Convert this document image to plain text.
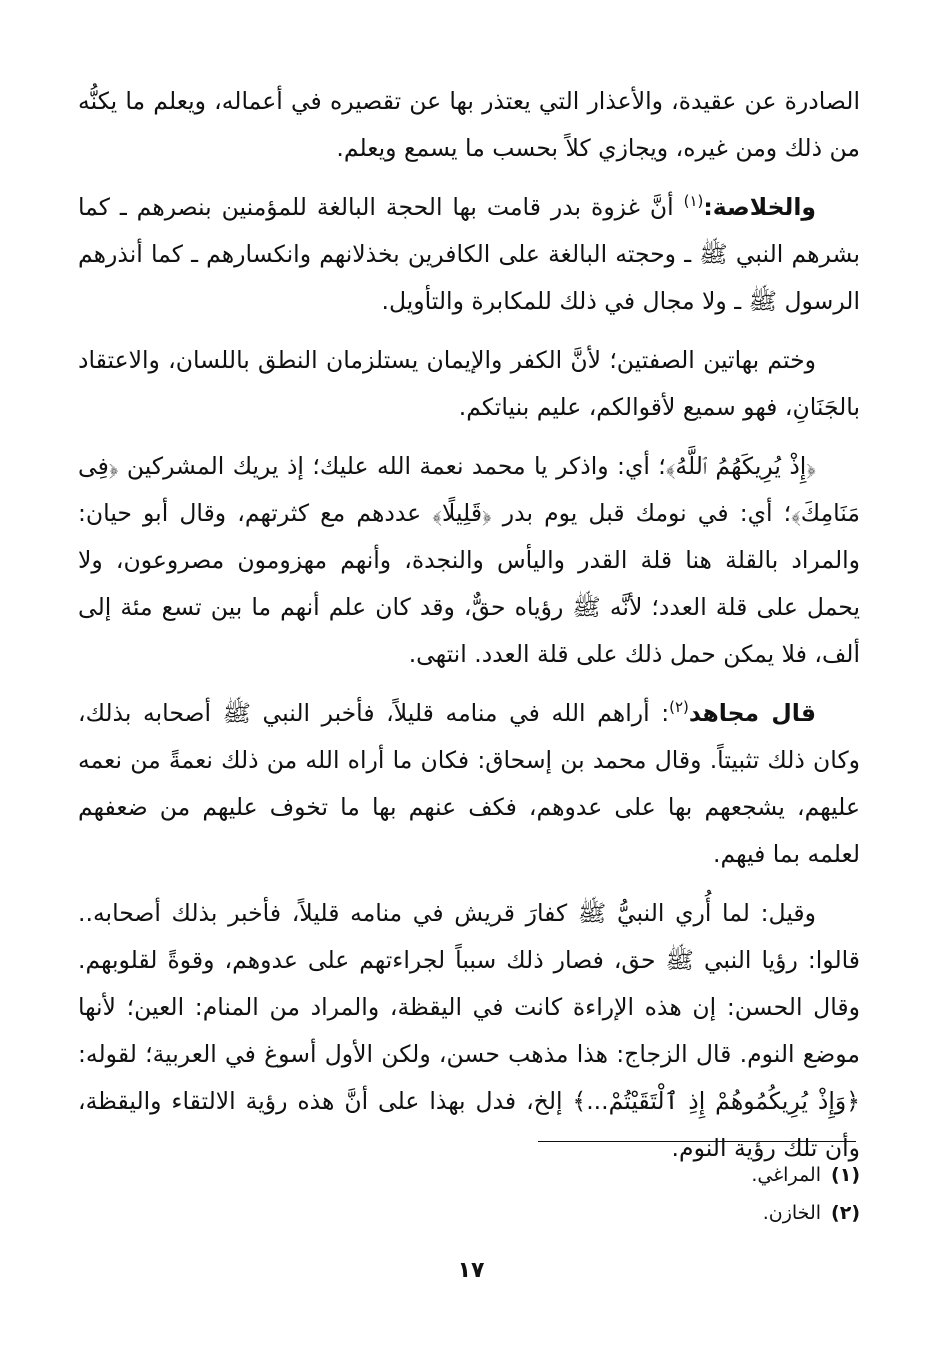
الصادرة عن عقيدة، والأعذار التي يعتذر بها عن تقصيره في أعماله، ويعلم ما يكنُّه من ذلك ومن غيره، ويجازي كلاً بحسب ما يسمع ويعلم.

والخلاصة:$^{(١)}$ أنَّ غزوة بدر قامت بها الحجة البالغة للمؤمنين بنصرهم ـ كما بشرهم النبي ﷺ ـ وحجته البالغة على الكافرين بخذلانهم وانكسارهم ـ كما أنذرهم الرسول ﷺ ـ ولا مجال في ذلك للمكابرة والتأويل.

وختم بهاتين الصفتين؛ لأنَّ الكفر والإيمان يستلزمان النطق باللسان، والاعتقاد بالجَنَانِ، فهو سميع لأقوالكم، عليم بنياتكم.

﴿إِذْ يُرِيكَهُمُ ٱللَّهُ﴾؛ أي: واذكر يا محمد نعمة الله عليك؛ إذ يريك المشركين ﴿فِى مَنَامِكَ﴾؛ أي: في نومك قبل يوم بدر ﴿قَلِيلًا﴾ عددهم مع كثرتهم، وقال أبو حيان: والمراد بالقلة هنا قلة القدر واليأس والنجدة، وأنهم مهزومون مصروعون، ولا يحمل على قلة العدد؛ لأنَّه ﷺ رؤياه حقٌّ، وقد كان علم أنهم ما بين تسع مئة إلى ألف، فلا يمكن حمل ذلك على قلة العدد. انتهى.

قال مجاهد$^{(٢)}$: أراهم الله في منامه قليلاً، فأخبر النبي ﷺ أصحابه بذلك، وكان ذلك تثبيتاً. وقال محمد بن إسحاق: فكان ما أراه الله من ذلك نعمةً من نعمه عليهم، يشجعهم بها على عدوهم، فكف عنهم بها ما تخوف عليهم من ضعفهم لعلمه بما فيهم.

وقيل: لما أُري النبيُّ ﷺ كفارَ قريش في منامه قليلاً، فأخبر بذلك أصحابه.. قالوا: رؤيا النبي ﷺ حق، فصار ذلك سبباً لجراءتهم على عدوهم، وقوةً لقلوبهم. وقال الحسن: إن هذه الإراءة كانت في اليقظة، والمراد من المنام: العين؛ لأنها موضع النوم. قال الزجاج: هذا مذهب حسن، ولكن الأول أسوغ في العربية؛ لقوله: ﴿وَإِذْ يُرِيكُمُوهُمْ إِذِ ٱلْتَقَيْتُمْ...﴾ إلخ، فدل بهذا على أنَّ هذه رؤية الالتقاء واليقظة، وأن تلك رؤية النوم.

(١)المراغي.
(٢)الخازن.
١٧
